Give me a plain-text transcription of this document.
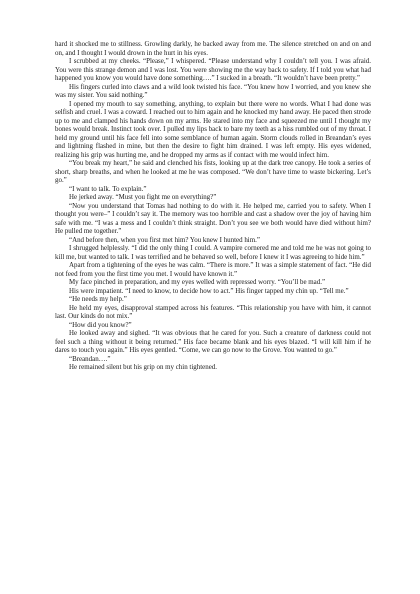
hard it shocked me to stillness. Growling darkly, he backed away from me. The silence stretched on and on and on, and I thought I would drown in the hurt in his eyes.

I scrubbed at my cheeks. “Please,” I whispered. “Please understand why I couldn’t tell you. I was afraid. You were this strange demon and I was lost. You were showing me the way back to safety. If I told you what had happened you know you would have done something….” I sucked in a breath. “It wouldn’t have been pretty.”

His fingers curled into claws and a wild look twisted his face. “You knew how I worried, and you knew she was my sister. You said nothing.”

I opened my mouth to say something, anything, to explain but there were no words. What I had done was selfish and cruel. I was a coward. I reached out to him again and he knocked my hand away. He paced then strode up to me and clamped his hands down on my arms. He stared into my face and squeezed me until I thought my bones would break. Instinct took over. I pulled my lips back to bare my teeth as a hiss rumbled out of my throat. I held my ground until his face fell into some semblance of human again. Storm clouds rolled in Breandan’s eyes and lightning flashed in mine, but then the desire to fight him drained. I was left empty. His eyes widened, realizing his grip was hurting me, and he dropped my arms as if contact with me would infect him.

“You break my heart,” he said and clenched his fists, looking up at the dark tree canopy. He took a series of short, sharp breaths, and when he looked at me he was composed. “We don’t have time to waste bickering. Let’s go.”

“I want to talk. To explain.”

He jerked away. “Must you fight me on everything?”

“Now you understand that Tomas had nothing to do with it. He helped me, carried you to safety. When I thought you were–” I couldn’t say it. The memory was too horrible and cast a shadow over the joy of having him safe with me. “I was a mess and I couldn’t think straight. Don’t you see we both would have died without him? He pulled me together.”

“And before then, when you first met him? You knew I hunted him.”

I shrugged helplessly. “I did the only thing I could. A vampire cornered me and told me he was not going to kill me, but wanted to talk. I was terrified and he behaved so well, before I knew it I was agreeing to hide him.”

Apart from a tightening of the eyes he was calm. “There is more.” It was a simple statement of fact. “He did not feed from you the first time you met. I would have known it.”

My face pinched in preparation, and my eyes welled with repressed worry. “You’ll be mad.”

His were impatient. “I need to know, to decide how to act.” His finger tapped my chin up. “Tell me.”

“He needs my help.”

He held my eyes, disapproval stamped across his features. “This relationship you have with him, it cannot last. Our kinds do not mix.”

“How did you know?”

He looked away and sighed. “It was obvious that he cared for you. Such a creature of darkness could not feel such a thing without it being returned.” His face became blank and his eyes blazed. “I will kill him if he dares to touch you again.” His eyes gentled. “Come, we can go now to the Grove. You wanted to go.”

“Breandan….”

He remained silent but his grip on my chin tightened.
